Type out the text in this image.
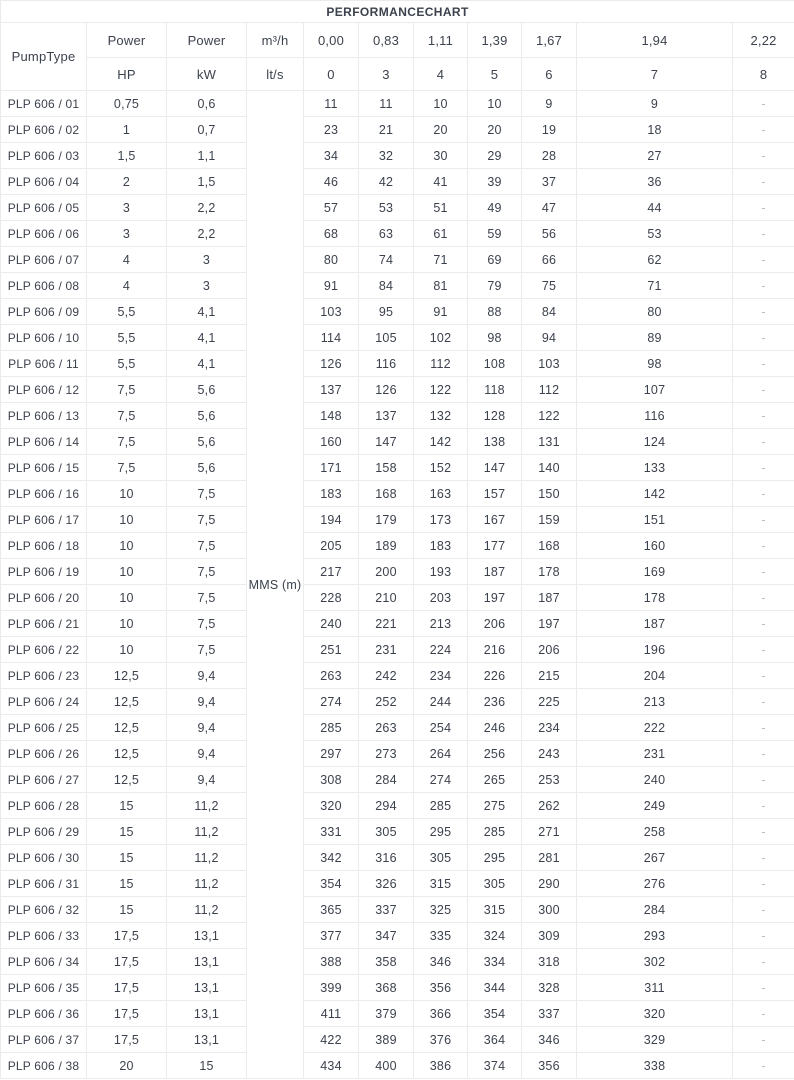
PERFORMANCECHART										
PumpType	Power	Power	m³/h	0,00	0,83	1,11	1,39	1,67	1,94	2,22
	HP	kW	lt/s	0	3	4	5	6	7	8
PLP 606 / 01	0,75	0,6	MMS (m)	11	11	10	10	9	9	-
PLP 606 / 02	1	0,7		23	21	20	20	19	18	-
PLP 606 / 03	1,5	1,1		34	32	30	29	28	27	-
PLP 606 / 04	2	1,5		46	42	41	39	37	36	-
PLP 606 / 05	3	2,2		57	53	51	49	47	44	-
PLP 606 / 06	3	2,2		68	63	61	59	56	53	-
PLP 606 / 07	4	3		80	74	71	69	66	62	-
PLP 606 / 08	4	3		91	84	81	79	75	71	-
PLP 606 / 09	5,5	4,1		103	95	91	88	84	80	-
PLP 606 / 10	5,5	4,1		114	105	102	98	94	89	-
PLP 606 / 11	5,5	4,1		126	116	112	108	103	98	-
PLP 606 / 12	7,5	5,6		137	126	122	118	112	107	-
PLP 606 / 13	7,5	5,6		148	137	132	128	122	116	-
PLP 606 / 14	7,5	5,6		160	147	142	138	131	124	-
PLP 606 / 15	7,5	5,6		171	158	152	147	140	133	-
PLP 606 / 16	10	7,5		183	168	163	157	150	142	-
PLP 606 / 17	10	7,5		194	179	173	167	159	151	-
PLP 606 / 18	10	7,5		205	189	183	177	168	160	-
PLP 606 / 19	10	7,5		217	200	193	187	178	169	-
PLP 606 / 20	10	7,5		228	210	203	197	187	178	-
PLP 606 / 21	10	7,5		240	221	213	206	197	187	-
PLP 606 / 22	10	7,5		251	231	224	216	206	196	-
PLP 606 / 23	12,5	9,4		263	242	234	226	215	204	-
PLP 606 / 24	12,5	9,4		274	252	244	236	225	213	-
PLP 606 / 25	12,5	9,4		285	263	254	246	234	222	-
PLP 606 / 26	12,5	9,4		297	273	264	256	243	231	-
PLP 606 / 27	12,5	9,4		308	284	274	265	253	240	-
PLP 606 / 28	15	11,2		320	294	285	275	262	249	-
PLP 606 / 29	15	11,2		331	305	295	285	271	258	-
PLP 606 / 30	15	11,2		342	316	305	295	281	267	-
PLP 606 / 31	15	11,2		354	326	315	305	290	276	-
PLP 606 / 32	15	11,2		365	337	325	315	300	284	-
PLP 606 / 33	17,5	13,1		377	347	335	324	309	293	-
PLP 606 / 34	17,5	13,1		388	358	346	334	318	302	-
PLP 606 / 35	17,5	13,1		399	368	356	344	328	311	-
PLP 606 / 36	17,5	13,1		411	379	366	354	337	320	-
PLP 606 / 37	17,5	13,1		422	389	376	364	346	329	-
PLP 606 / 38	20	15		434	400	386	374	356	338	-
